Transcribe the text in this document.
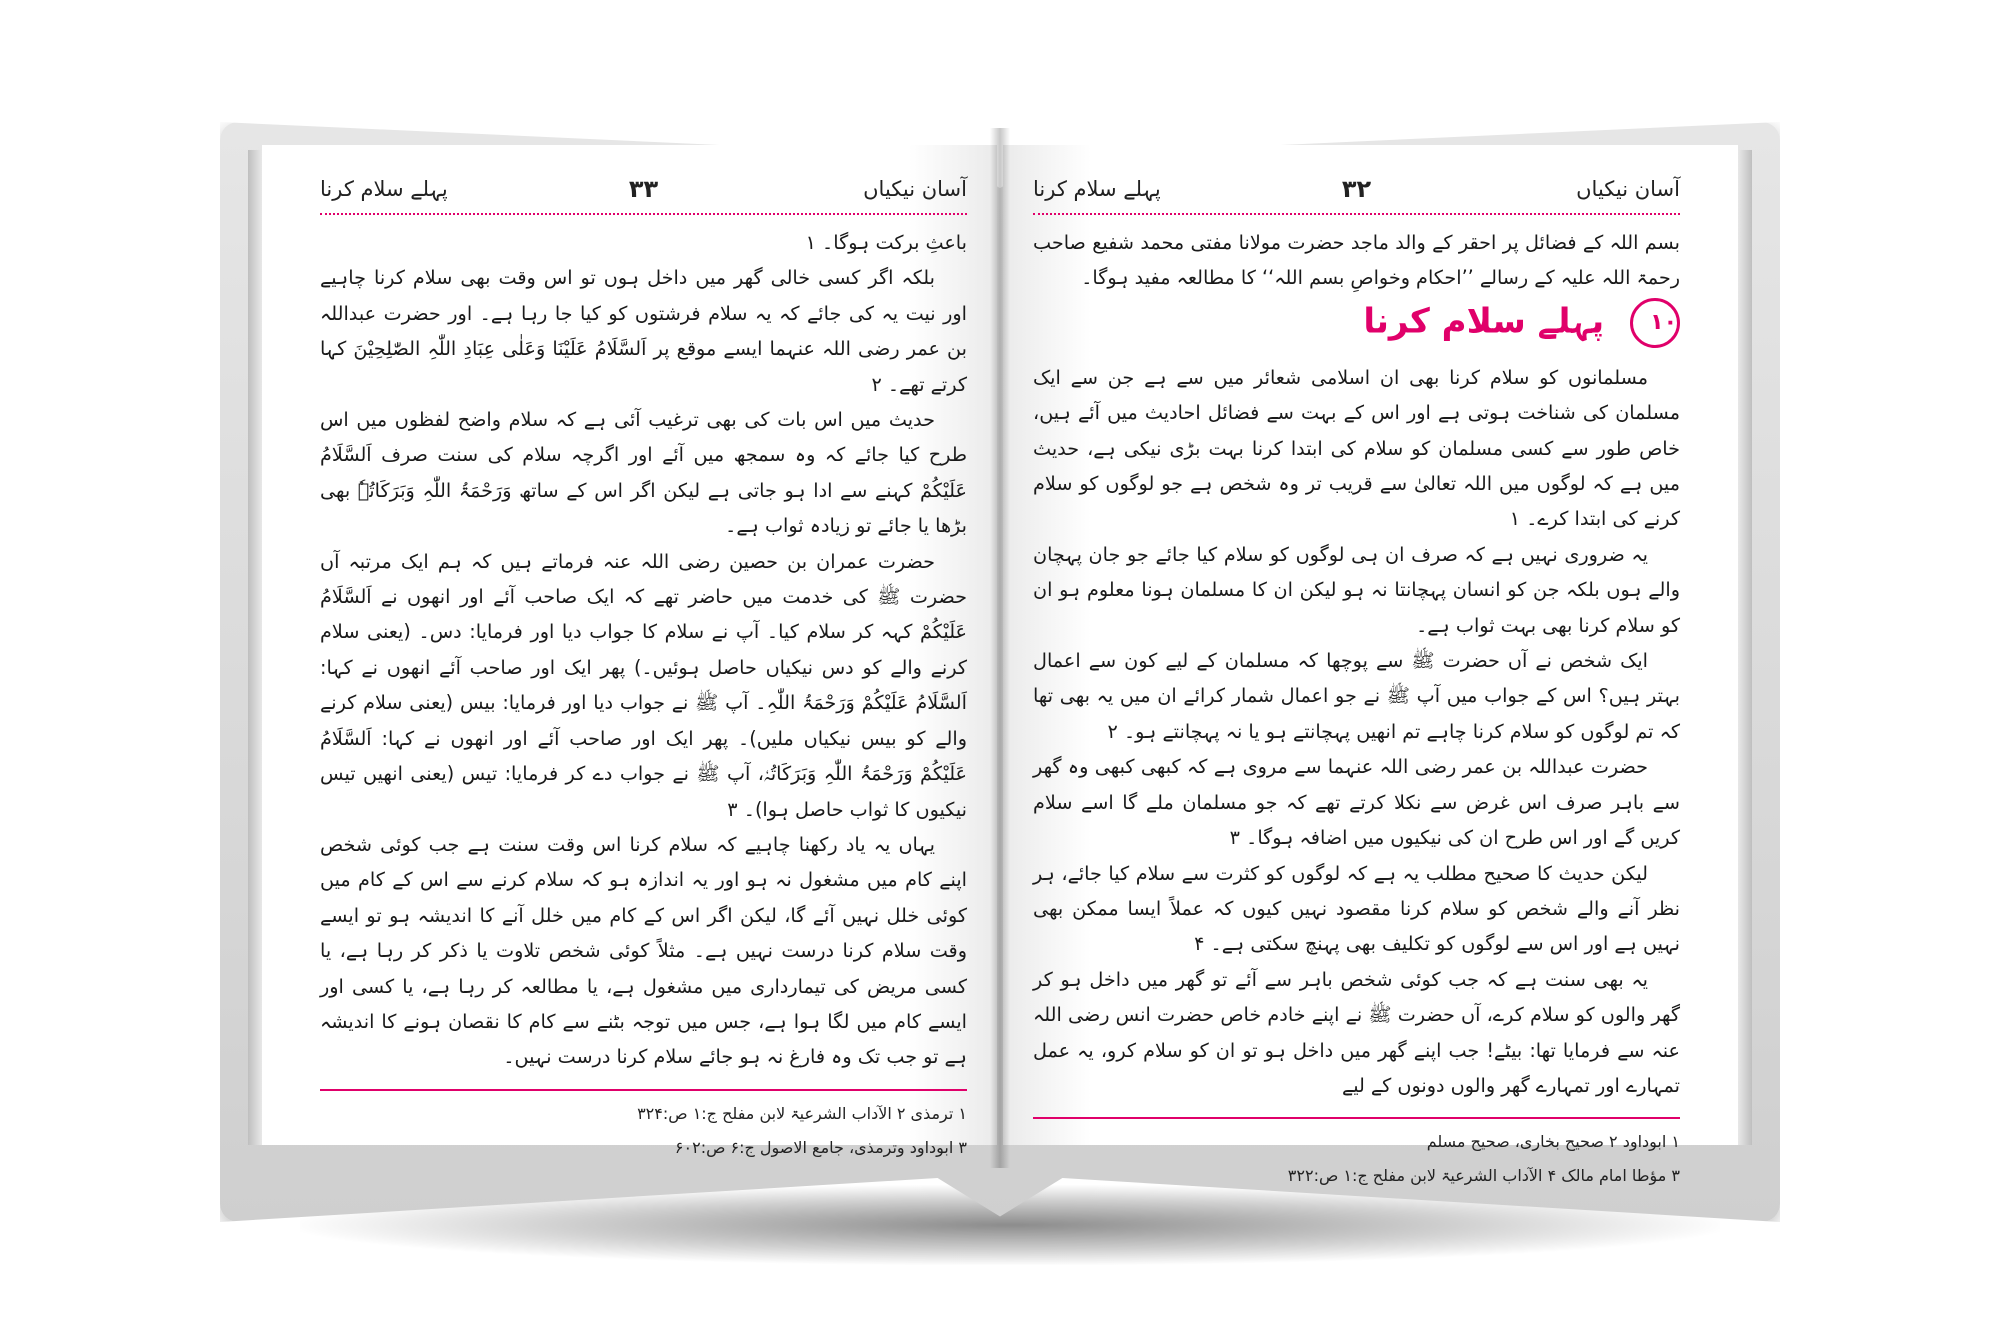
آسان نیکیاں
۳۳
پہلے سلام کرنا

باعثِ برکت ہوگا۔ ۱

بلکہ اگر کسی خالی گھر میں داخل ہوں تو اس وقت بھی سلام کرنا چاہیے اور نیت یہ کی جائے کہ یہ سلام فرشتوں کو کیا جا رہا ہے۔ اور حضرت عبداللہ بن عمر رضی اللہ عنہما ایسے موقع پر اَلسَّلَامُ عَلَیْنَا وَعَلٰی عِبَادِ اللّٰہِ الصّٰلِحِیْنَ کہا کرتے تھے۔ ۲

حدیث میں اس بات کی بھی ترغیب آئی ہے کہ سلام واضح لفظوں میں اس طرح کیا جائے کہ وہ سمجھ میں آئے اور اگرچہ سلام کی سنت صرف اَلسَّلَامُ عَلَیْکُمْ کہنے سے ادا ہو جاتی ہے لیکن اگر اس کے ساتھ وَرَحْمَۃُ اللّٰہِ وَبَرَکَاتُہٗ بھی بڑھا یا جائے تو زیادہ ثواب ہے۔

حضرت عمران بن حصین رضی اللہ عنہ فرماتے ہیں کہ ہم ایک مرتبہ آں حضرت ﷺ کی خدمت میں حاضر تھے کہ ایک صاحب آئے اور انھوں نے اَلسَّلَامُ عَلَیْکُمْ کہہ کر سلام کیا۔ آپ نے سلام کا جواب دیا اور فرمایا: دس۔ (یعنی سلام کرنے والے کو دس نیکیاں حاصل ہوئیں۔) پھر ایک اور صاحب آئے انھوں نے کہا: اَلسَّلَامُ عَلَیْکُمْ وَرَحْمَۃُ اللّٰہِ۔ آپ ﷺ نے جواب دیا اور فرمایا: بیس (یعنی سلام کرنے والے کو بیس نیکیاں ملیں)۔ پھر ایک اور صاحب آئے اور انھوں نے کہا: اَلسَّلَامُ عَلَیْکُمْ وَرَحْمَۃُ اللّٰہِ وَبَرَکَاتُہٗ، آپ ﷺ نے جواب دے کر فرمایا: تیس (یعنی انھیں تیس نیکیوں کا ثواب حاصل ہوا)۔ ۳

یہاں یہ یاد رکھنا چاہیے کہ سلام کرنا اس وقت سنت ہے جب کوئی شخص اپنے کام میں مشغول نہ ہو اور یہ اندازہ ہو کہ سلام کرنے سے اس کے کام میں کوئی خلل نہیں آئے گا، لیکن اگر اس کے کام میں خلل آنے کا اندیشہ ہو تو ایسے وقت سلام کرنا درست نہیں ہے۔ مثلاً کوئی شخص تلاوت یا ذکر کر رہا ہے، یا کسی مریض کی تیمارداری میں مشغول ہے، یا مطالعہ کر رہا ہے، یا کسی اور ایسے کام میں لگا ہوا ہے، جس میں توجہ بٹنے سے کام کا نقصان ہونے کا اندیشہ ہے تو جب تک وہ فارغ نہ ہو جائے سلام کرنا درست نہیں۔

۱ ترمذی ۲ الآداب الشرعیۃ لابن مفلح ج:۱ ص:۳۲۴
۳ ابوداود وترمذی، جامع الاصول ج:۶ ص:۶۰۲
آسان نیکیاں
۳۲
پہلے سلام کرنا

بسم اللہ کے فضائل پر احقر کے والد ماجد حضرت مولانا مفتی محمد شفیع صاحب رحمۃ اللہ علیہ کے رسالے ’’احکام وخواصِ بسم اللہ‘‘ کا مطالعہ مفید ہوگا۔

۱۰ پہلے سلام کرنا

مسلمانوں کو سلام کرنا بھی ان اسلامی شعائر میں سے ہے جن سے ایک مسلمان کی شناخت ہوتی ہے اور اس کے بہت سے فضائل احادیث میں آئے ہیں، خاص طور سے کسی مسلمان کو سلام کی ابتدا کرنا بہت بڑی نیکی ہے، حدیث میں ہے کہ لوگوں میں اللہ تعالیٰ سے قریب تر وہ شخص ہے جو لوگوں کو سلام کرنے کی ابتدا کرے۔ ۱

یہ ضروری نہیں ہے کہ صرف ان ہی لوگوں کو سلام کیا جائے جو جان پہچان والے ہوں بلکہ جن کو انسان پہچانتا نہ ہو لیکن ان کا مسلمان ہونا معلوم ہو ان کو سلام کرنا بھی بہت ثواب ہے۔

ایک شخص نے آں حضرت ﷺ سے پوچھا کہ مسلمان کے لیے کون سے اعمال بہتر ہیں؟ اس کے جواب میں آپ ﷺ نے جو اعمال شمار کرائے ان میں یہ بھی تھا کہ تم لوگوں کو سلام کرنا چاہے تم انھیں پہچانتے ہو یا نہ پہچانتے ہو۔ ۲

حضرت عبداللہ بن عمر رضی اللہ عنہما سے مروی ہے کہ کبھی کبھی وہ گھر سے باہر صرف اس غرض سے نکلا کرتے تھے کہ جو مسلمان ملے گا اسے سلام کریں گے اور اس طرح ان کی نیکیوں میں اضافہ ہوگا۔ ۳

لیکن حدیث کا صحیح مطلب یہ ہے کہ لوگوں کو کثرت سے سلام کیا جائے، ہر نظر آنے والے شخص کو سلام کرنا مقصود نہیں کیوں کہ عملاً ایسا ممکن بھی نہیں ہے اور اس سے لوگوں کو تکلیف بھی پہنچ سکتی ہے۔ ۴

یہ بھی سنت ہے کہ جب کوئی شخص باہر سے آئے تو گھر میں داخل ہو کر گھر والوں کو سلام کرے، آں حضرت ﷺ نے اپنے خادم خاص حضرت انس رضی اللہ عنہ سے فرمایا تھا: بیٹے! جب اپنے گھر میں داخل ہو تو ان کو سلام کرو، یہ عمل تمہارے اور تمہارے گھر والوں دونوں کے لیے

۱ ابوداود ۲ صحیح بخاری، صحیح مسلم
۳ مؤطا امام مالک ۴ الآداب الشرعیۃ لابن مفلح ج:۱ ص:۳۲۲
